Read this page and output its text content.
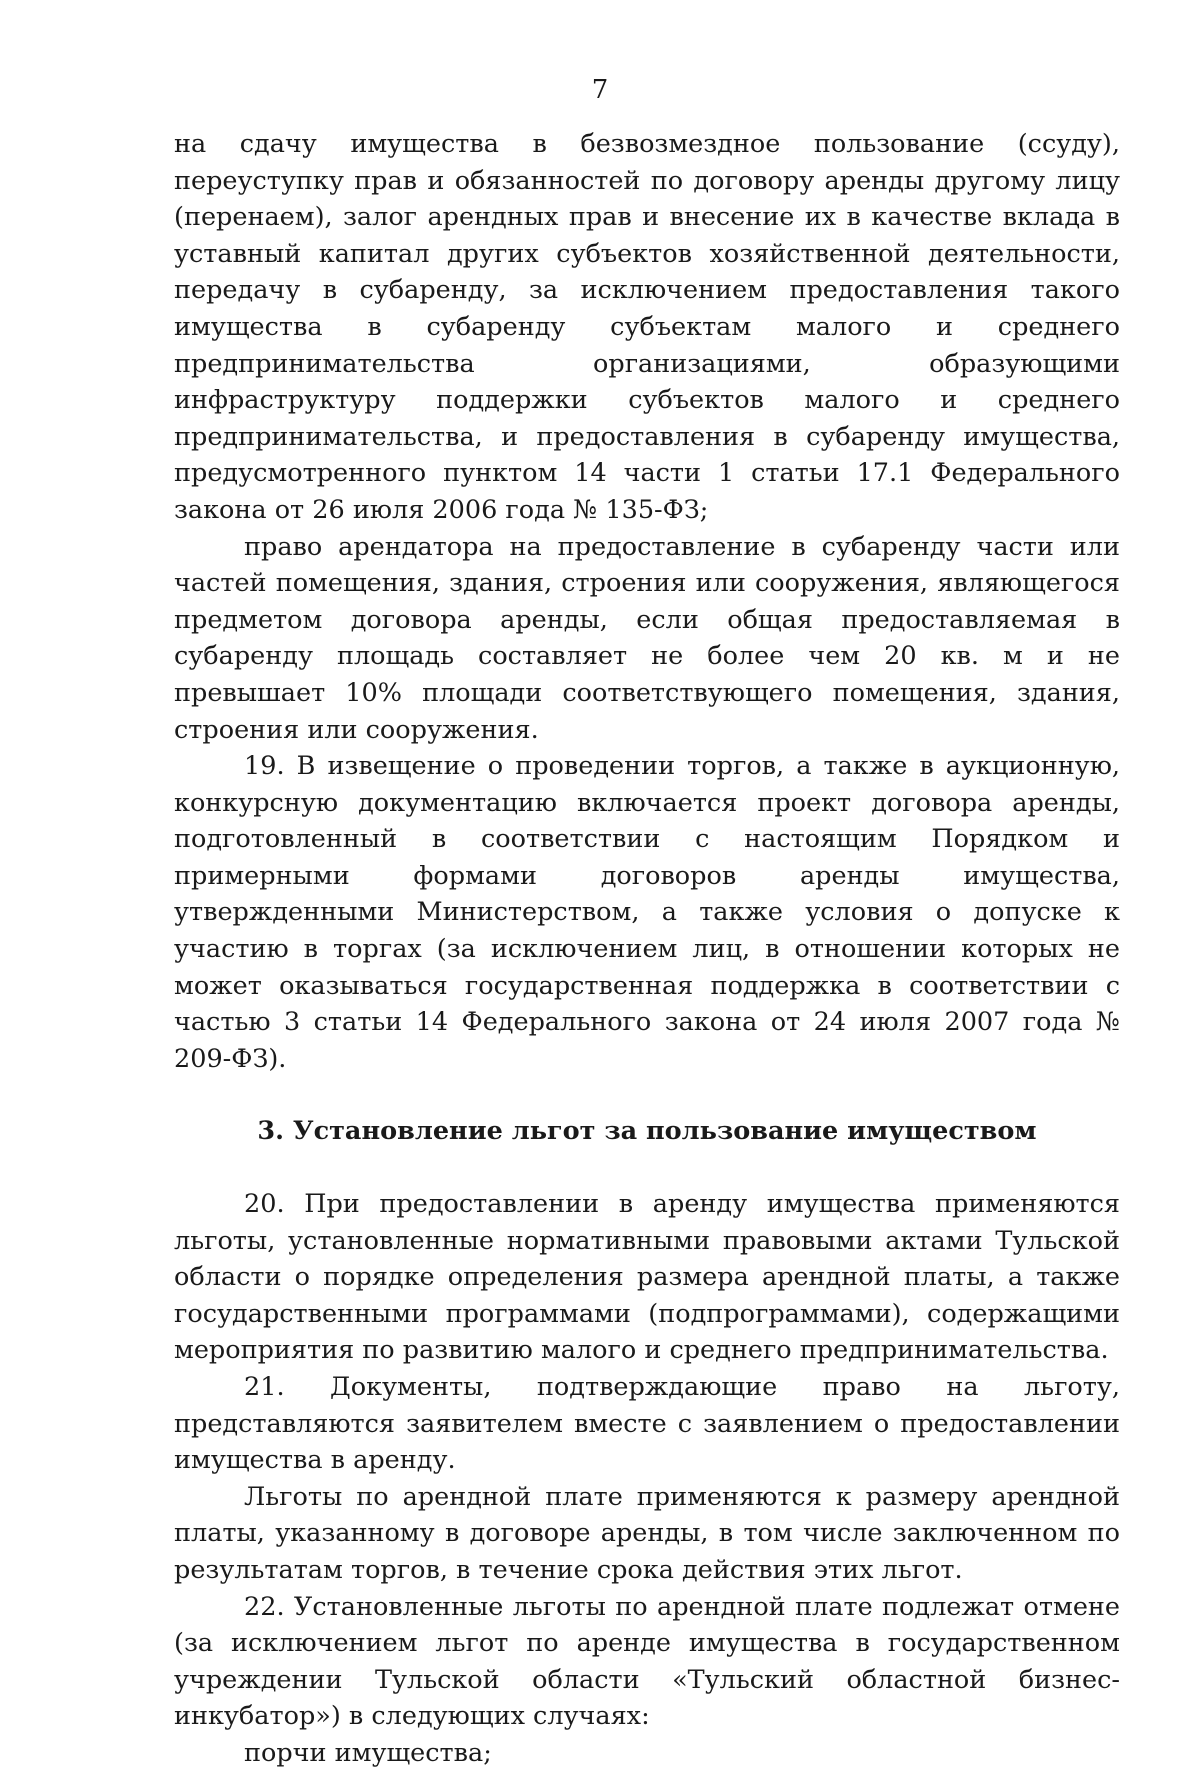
7

на сдачу имущества в безвозмездное пользование (ссуду), переуступку прав и обязанностей по договору аренды другому лицу (перенаем), залог арендных прав и внесение их в качестве вклада в уставный капитал других субъектов хозяйственной деятельности, передачу в субаренду, за исключением предоставления такого имущества в субаренду субъектам малого и среднего предпринимательства организациями, образующими инфраструктуру поддержки субъектов малого и среднего предпринимательства, и предоставления в субаренду имущества, предусмотренного пунктом 14 части 1 статьи 17.1 Федерального закона от 26 июля 2006 года № 135-ФЗ;

право арендатора на предоставление в субаренду части или частей помещения, здания, строения или сооружения, являющегося предметом договора аренды, если общая предоставляемая в субаренду площадь составляет не более чем 20 кв. м и не превышает 10% площади соответствующего помещения, здания, строения или сооружения.

19. В извещение о проведении торгов, а также в аукционную, конкурсную документацию включается проект договора аренды, подготовленный в соответствии с настоящим Порядком и примерными формами договоров аренды имущества, утвержденными Министерством, а также условия о допуске к участию в торгах (за исключением лиц, в отношении которых не может оказываться государственная поддержка в соответствии с частью 3 статьи 14 Федерального закона от 24 июля 2007 года № 209-ФЗ).

3. Установление льгот за пользование имуществом

20. При предоставлении в аренду имущества применяются льготы, установленные нормативными правовыми актами Тульской области о порядке определения размера арендной платы, а также государственными программами (подпрограммами), содержащими мероприятия по развитию малого и среднего предпринимательства.

21. Документы, подтверждающие право на льготу, представляются заявителем вместе с заявлением о предоставлении имущества в аренду.

Льготы по арендной плате применяются к размеру арендной платы, указанному в договоре аренды, в том числе заключенном по результатам торгов, в течение срока действия этих льгот.

22. Установленные льготы по арендной плате подлежат отмене (за исключением льгот по аренде имущества в государственном учреждении Тульской области «Тульский областной бизнес-инкубатор») в следующих случаях:

порчи имущества;
